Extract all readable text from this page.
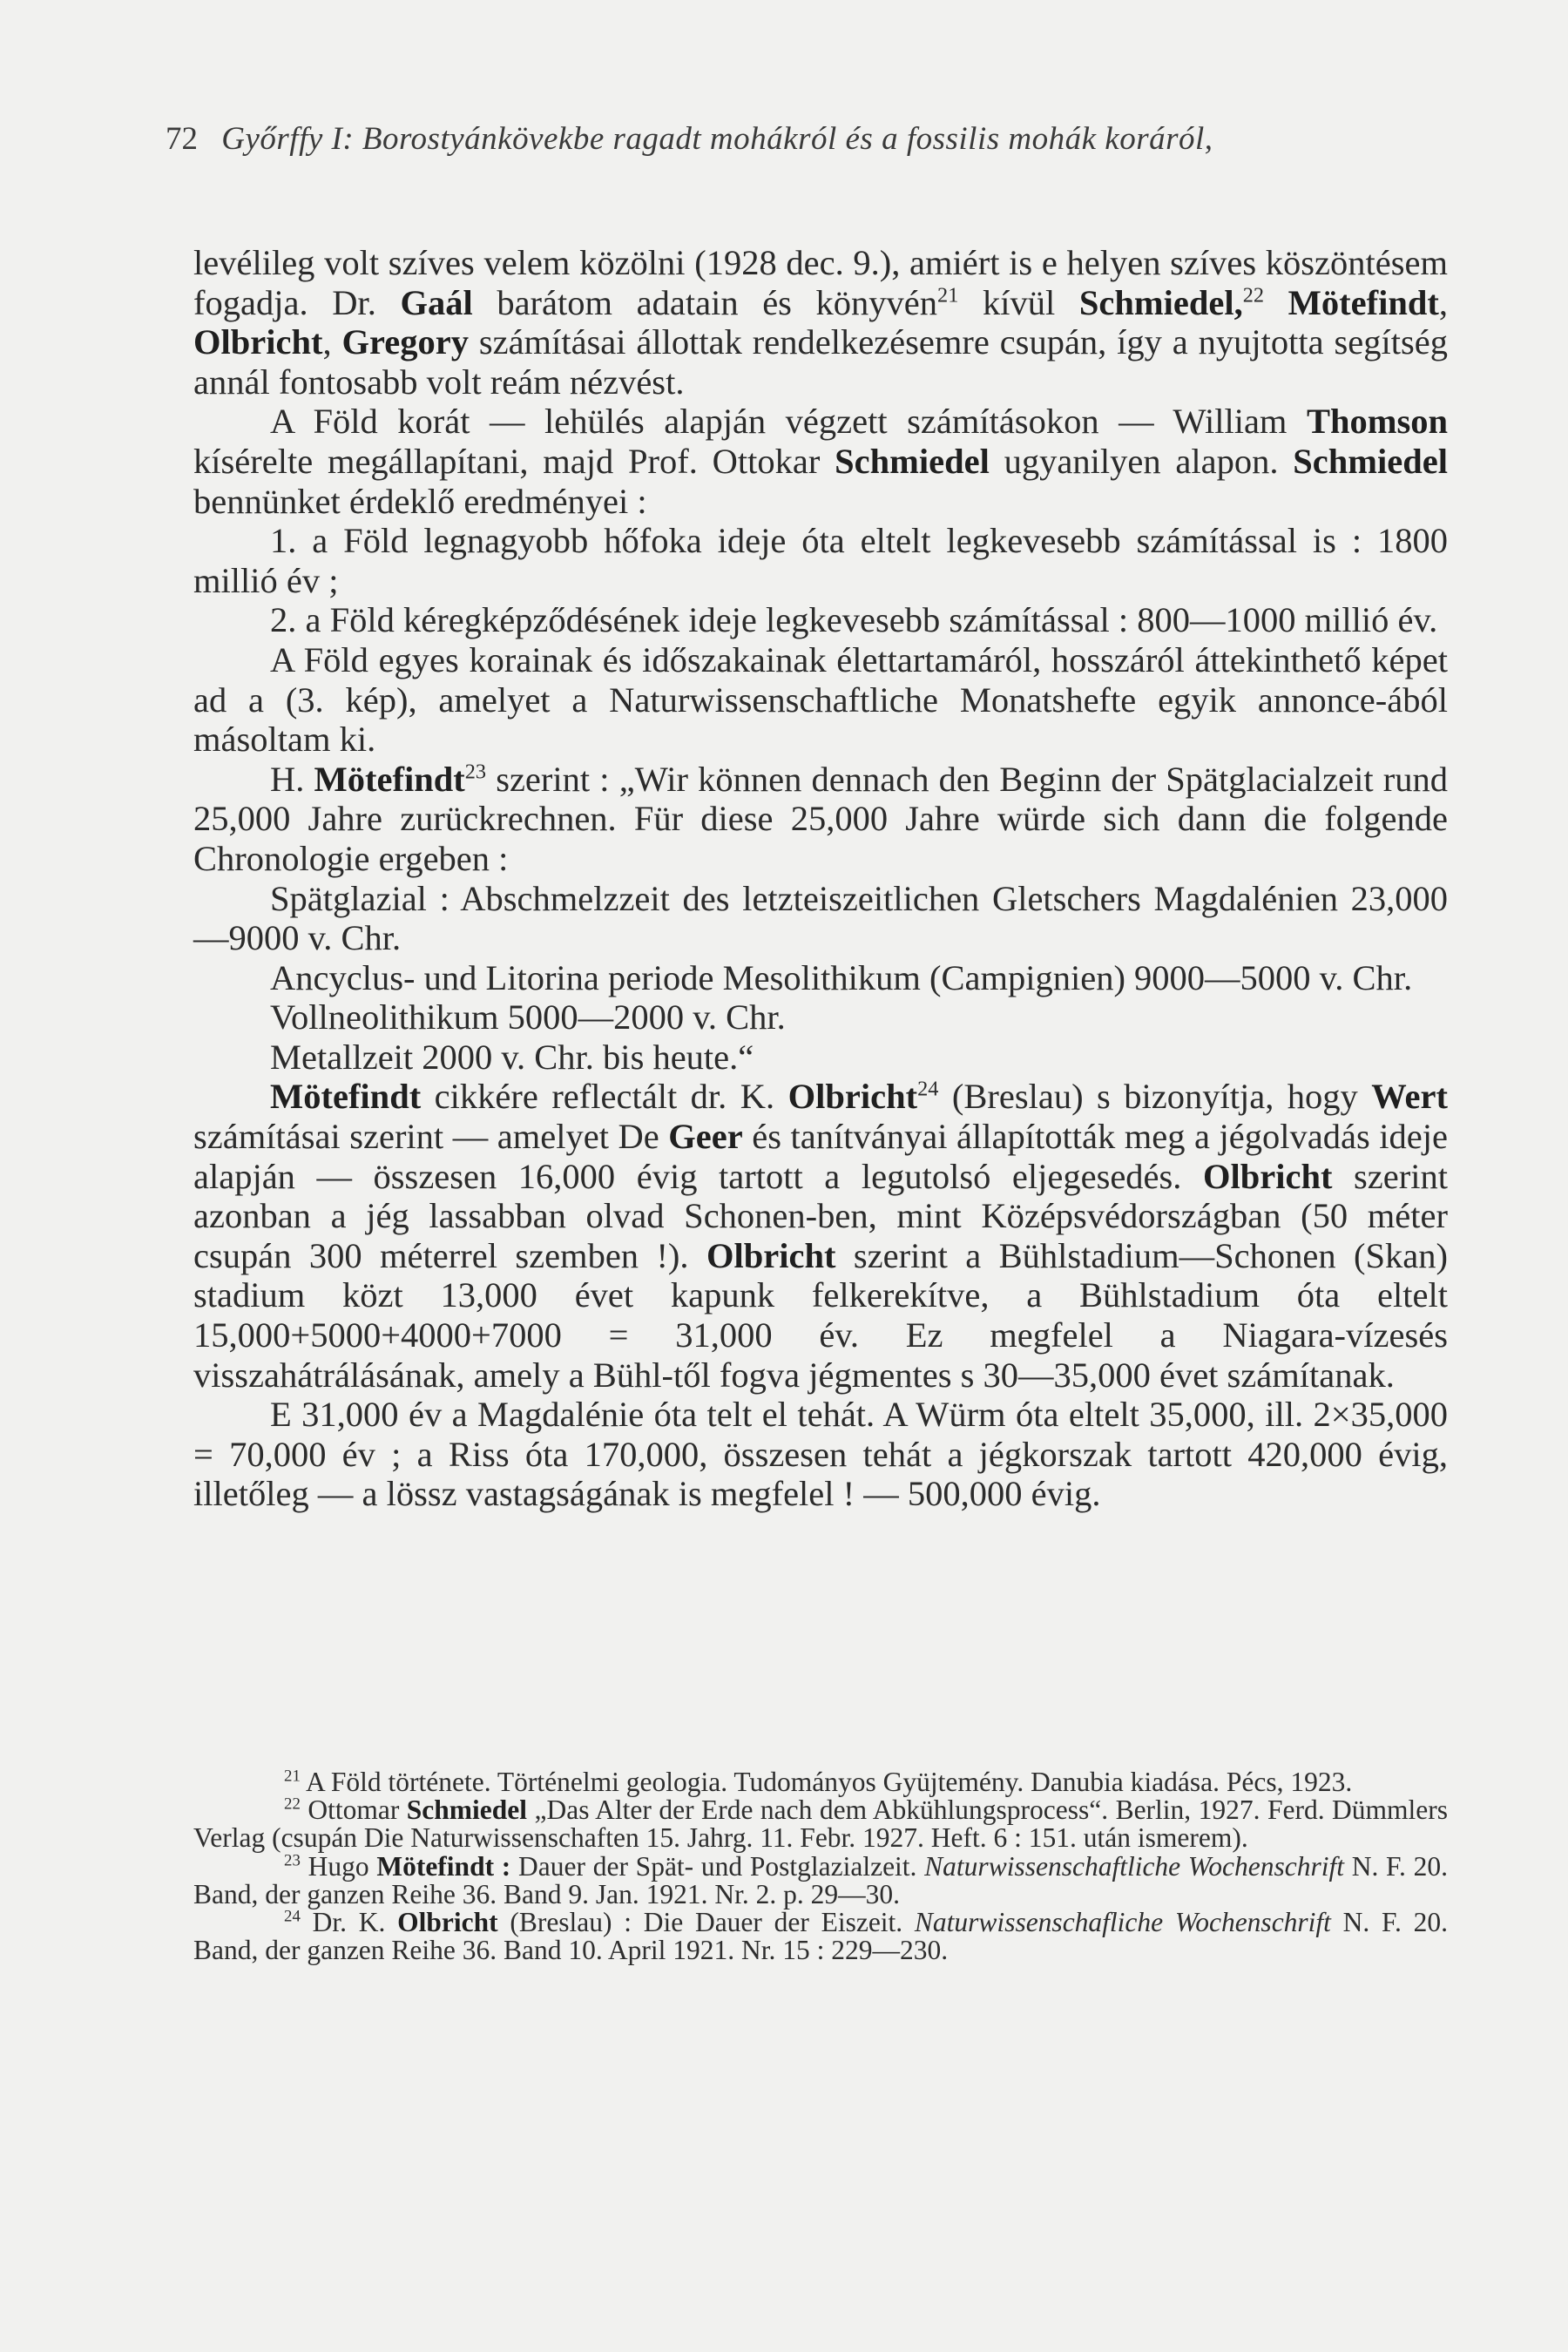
72 Győrffy I: Borostyánkövekbe ragadt mohákról és a fossilis mohák koráról,

levélileg volt szíves velem közölni (1928 dec. 9.), amiért is e helyen szíves köszöntésem fogadja. Dr. Gaál barátom adatain és könyvén$^{21}$ kívül Schmiedel,$^{22}$ Mötefindt, Olbricht, Gregory számításai állottak rendelkezésemre csupán, így a nyujtotta segítség annál fontosabb volt reám nézvést.

A Föld korát — lehülés alapján végzett számításokon — William Thomson kísérelte megállapítani, majd Prof. Ottokar Schmiedel ugyanilyen alapon. Schmiedel bennünket érdeklő eredményei :

1. a Föld legnagyobb hőfoka ideje óta eltelt legkevesebb számítással is : 1800 millió év ;

2. a Föld kéregképződésének ideje legkevesebb számítással : 800—1000 millió év.

A Föld egyes korainak és időszakainak élettartamáról, hosszáról áttekinthető képet ad a (3. kép), amelyet a Naturwissenschaftliche Monatshefte egyik annonce-ából másoltam ki.

H. Mötefindt$^{23}$ szerint : „Wir können dennach den Beginn der Spätglacialzeit rund 25,000 Jahre zurückrechnen. Für diese 25,000 Jahre würde sich dann die folgende Chronologie ergeben :

Spätglazial : Abschmelzzeit des letzteiszeitlichen Gletschers Magdalénien 23,000—9000 v. Chr.

Ancyclus- und Litorina periode Mesolithikum (Campignien) 9000—5000 v. Chr.

Vollneolithikum 5000—2000 v. Chr.

Metallzeit 2000 v. Chr. bis heute.“

Mötefindt cikkére reflectált dr. K. Olbricht$^{24}$ (Breslau) s bizonyítja, hogy Wert számításai szerint — amelyet De Geer és tanítványai állapították meg a jégolvadás ideje alapján — összesen 16,000 évig tartott a legutolsó eljegesedés. Olbricht szerint azonban a jég lassabban olvad Schonen-ben, mint Középsvédországban (50 méter csupán 300 méterrel szemben !). Olbricht szerint a Bühlstadium—Schonen (Skan) stadium közt 13,000 évet kapunk felkerekítve, a Bühlstadium óta eltelt 15,000+5000+4000+7000 = 31,000 év. Ez megfelel a Niagara-vízesés visszahátrálásának, amely a Bühl-től fogva jégmentes s 30—35,000 évet számítanak.

E 31,000 év a Magdalénie óta telt el tehát. A Würm óta eltelt 35,000, ill. 2×35,000 = 70,000 év ; a Riss óta 170,000, összesen tehát a jégkorszak tartott 420,000 évig, illetőleg — a lössz vastagságának is megfelel ! — 500,000 évig.

$^{21}$ A Föld története. Történelmi geologia. Tudományos Gyüjtemény. Danubia kiadása. Pécs, 1923.

$^{22}$ Ottomar Schmiedel „Das Alter der Erde nach dem Abkühlungsprocess“. Berlin, 1927. Ferd. Dümmlers Verlag (csupán Die Naturwissenschaften 15. Jahrg. 11. Febr. 1927. Heft. 6 : 151. után ismerem).

$^{23}$ Hugo Mötefindt : Dauer der Spät- und Postglazialzeit. Naturwissenschaftliche Wochenschrift N. F. 20. Band, der ganzen Reihe 36. Band 9. Jan. 1921. Nr. 2. p. 29—30.

$^{24}$ Dr. K. Olbricht (Breslau) : Die Dauer der Eiszeit. Naturwissenschafliche Wochenschrift N. F. 20. Band, der ganzen Reihe 36. Band 10. April 1921. Nr. 15 : 229—230.
